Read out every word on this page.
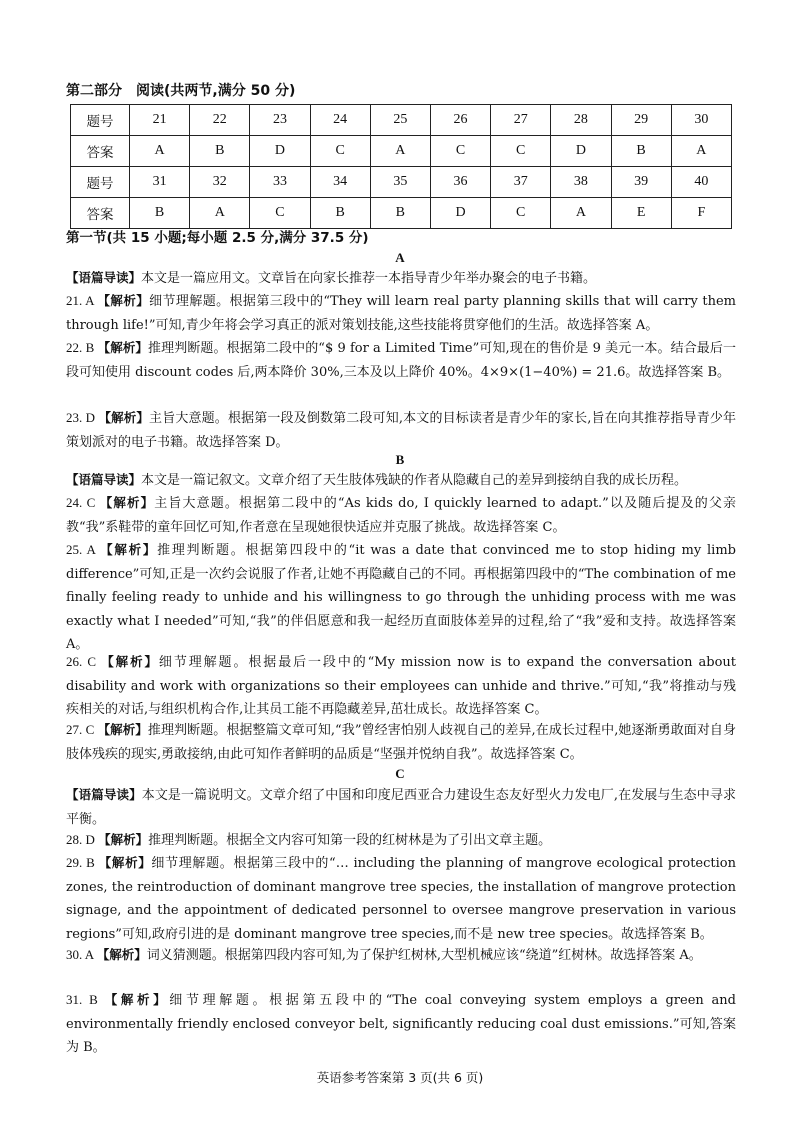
第二部分　阅读(共两节,满分 50 分)
题号	21	22	23	24	25	26	27	28	29	30
答案	A	B	D	C	A	C	C	D	B	A
题号	31	32	33	34	35	36	37	38	39	40
答案	B	A	C	B	B	D	C	A	E	F
第一节(共 15 小题;每小题 2.5 分,满分 37.5 分)
A
【语篇导读】本文是一篇应用文。文章旨在向家长推荐一本指导青少年举办聚会的电子书籍。
21. A 【解析】细节理解题。根据第三段中的“They will learn real party planning skills that will carry them through life!”可知,青少年将会学习真正的派对策划技能,这些技能将贯穿他们的生活。故选择答案 A。
22. B 【解析】推理判断题。根据第二段中的“$ 9 for a Limited Time”可知,现在的售价是 9 美元一本。结合最后一段可知使用 discount codes 后,两本降价 30%,三本及以上降价 40%。4×9×(1−40%) = 21.6。故选择答案 B。
23. D 【解析】主旨大意题。根据第一段及倒数第二段可知,本文的目标读者是青少年的家长,旨在向其推荐指导青少年策划派对的电子书籍。故选择答案 D。
B
【语篇导读】本文是一篇记叙文。文章介绍了天生肢体残缺的作者从隐藏自己的差异到接纳自我的成长历程。
24. C 【解析】主旨大意题。根据第二段中的“As kids do, I quickly learned to adapt.”以及随后提及的父亲教“我”系鞋带的童年回忆可知,作者意在呈现她很快适应并克服了挑战。故选择答案 C。
25. A 【解析】推理判断题。根据第四段中的“it was a date that convinced me to stop hiding my limb difference”可知,正是一次约会说服了作者,让她不再隐藏自己的不同。再根据第四段中的“The combination of me finally feeling ready to unhide and his willingness to go through the unhiding process with me was exactly what I needed”可知,“我”的伴侣愿意和我一起经历直面肢体差异的过程,给了“我”爱和支持。故选择答案 A。
26. C 【解析】细节理解题。根据最后一段中的“My mission now is to expand the conversation about disability and work with organizations so their employees can unhide and thrive.”可知,“我”将推动与残疾相关的对话,与组织机构合作,让其员工能不再隐藏差异,茁壮成长。故选择答案 C。
27. C 【解析】推理判断题。根据整篇文章可知,“我”曾经害怕别人歧视自己的差异,在成长过程中,她逐渐勇敢面对自身肢体残疾的现实,勇敢接纳,由此可知作者鲜明的品质是“坚强并悦纳自我”。故选择答案 C。
C
【语篇导读】本文是一篇说明文。文章介绍了中国和印度尼西亚合力建设生态友好型火力发电厂,在发展与生态中寻求平衡。
28. D 【解析】推理判断题。根据全文内容可知第一段的红树林是为了引出文章主题。
29. B 【解析】细节理解题。根据第三段中的“… including the planning of mangrove ecological protection zones, the reintroduction of dominant mangrove tree species, the installation of mangrove protection signage, and the appointment of dedicated personnel to oversee mangrove preservation in various regions”可知,政府引进的是 dominant mangrove tree species,而不是 new tree species。故选择答案 B。
30. A 【解析】词义猜测题。根据第四段内容可知,为了保护红树林,大型机械应该“绕道”红树林。故选择答案 A。
31. B 【解析】细节理解题。根据第五段中的“The coal conveying system employs a green and environmentally friendly enclosed conveyor belt, significantly reducing coal dust emissions.”可知,答案为 B。
英语参考答案第 3 页(共 6 页)
